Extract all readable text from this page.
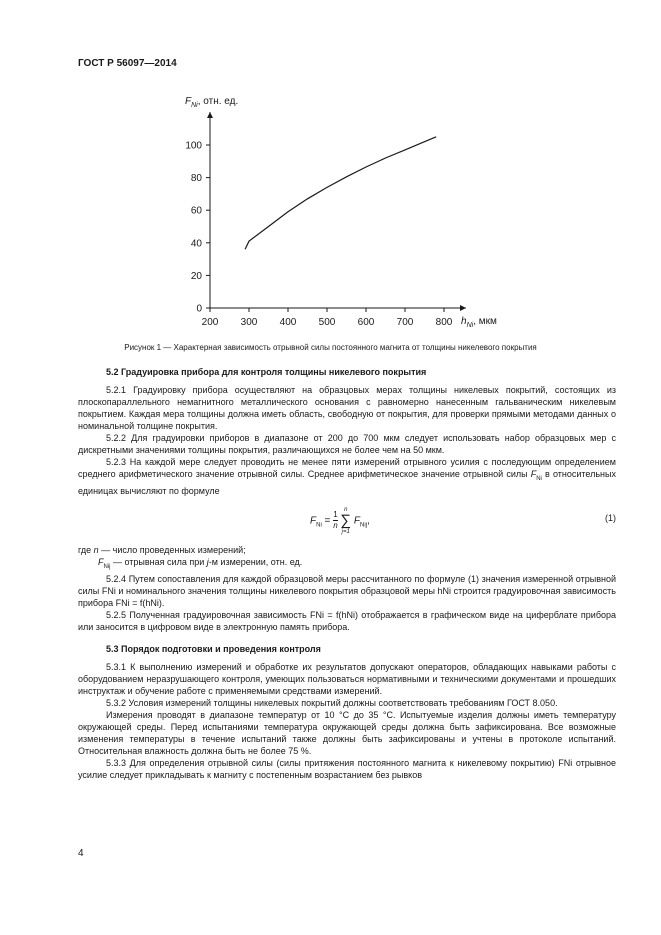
ГОСТ Р 56097—2014
$F_{Ni}$, отн. ед.
$h_{Ni}$, мкм
200 300 400 500 600 700 800
0
20
40
60
80
100
Рисунок 1 — Характерная зависимость отрывной силы постоянного магнита от толщины никелевого покрытия

5.2 Градуировка прибора для контроля толщины никелевого покрытия

5.2.1 Градуировку прибора осуществляют на образцовых мерах толщины никелевых покрытий, состоящих из плоскопараллельного немагнитного металлического основания с равномерно нанесенным гальваническим никелевым покрытием. Каждая мера толщины должна иметь область, свободную от покрытия, для проверки прямыми методами данных о номинальной толщине покрытия.

5.2.2 Для градуировки приборов в диапазоне от 200 до 700 мкм следует использовать набор образцовых мер с дискретными значениями толщины покрытия, различающихся не более чем на 50 мкм.

5.2.3 На каждой мере следует проводить не менее пяти измерений отрывного усилия с последующим определением среднего арифметического значение отрывной силы. Среднее арифметическое значение отрывной силы $F_{Ni}$ в относительных единицах вычисляют по формуле

$F_{Ni} = \frac{1}{n}$

n
∑
j=1
$F_{Nij}$,	(1)

где n — число проведенных измерений;

$F_{Nij}$ — отрывная сила при j-м измерении, отн. ед.

5.2.4 Путем сопоставления для каждой образцовой меры рассчитанного по формуле (1) значения измеренной отрывной силы FNi и номинального значения толщины никелевого покрытия образцовой меры hNi строится градуировочная зависимость прибора FNi = f(hNi).

5.2.5 Полученная градуировочная зависимость FNi = f(hNi) отображается в графическом виде на циферблате прибора или заносится в цифровом виде в электронную память прибора.

5.3 Порядок подготовки и проведения контроля

5.3.1 К выполнению измерений и обработке их результатов допускают операторов, обладающих навыками работы с оборудованием неразрушающего контроля, умеющих пользоваться нормативными и техническими документами и прошедших инструктаж и обучение работе с применяемыми средствами измерений.

5.3.2 Условия измерений толщины никелевых покрытий должны соответствовать требованиям ГОСТ 8.050.

Измерения проводят в диапазоне температур от 10 °С до 35 °С. Испытуемые изделия должны иметь температуру окружающей среды. Перед испытаниями температура окружающей среды должна быть зафиксирована. Все возможные изменения температуры в течение испытаний также должны быть зафиксированы и учтены в протоколе испытаний. Относительная влажность должна быть не более 75 %.

5.3.3 Для определения отрывной силы (силы притяжения постоянного магнита к никелевому покрытию) FNi отрывное усилие следует прикладывать к магниту с постепенным возрастанием без рывков

4
